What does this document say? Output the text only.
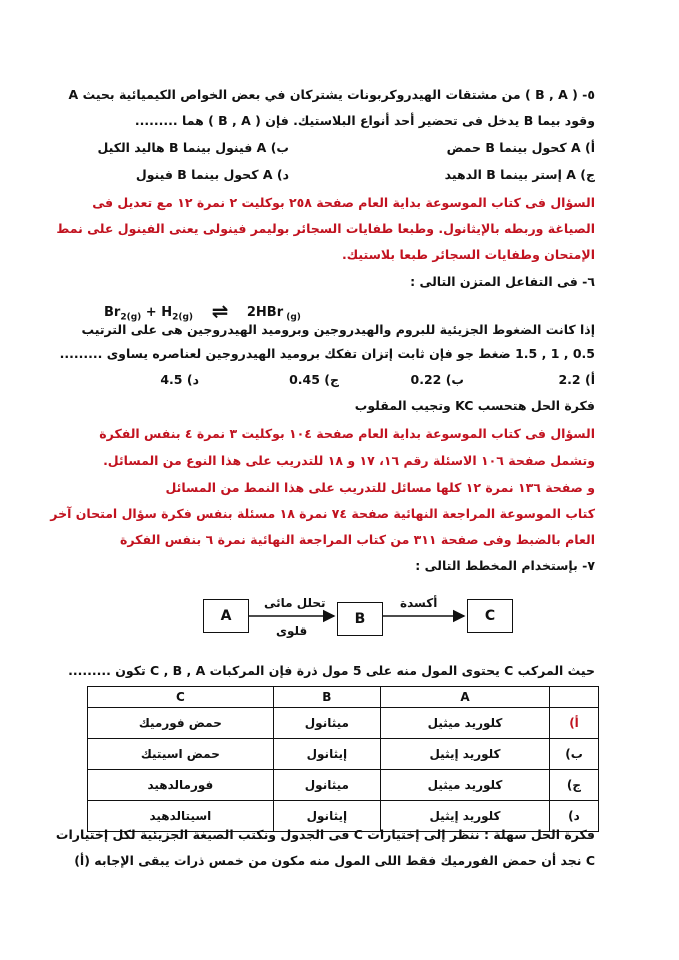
٥- ( B , A ) من مشتقات الهيدروكربونات يشتركان في بعض الخواص الكيميائية بحيث A
وقود بيما B يدخل فى تحضير أحد أنواع البلاستيك. فإن ( B , A ) هما .........
أ) A كحول بينما B حمض
ب) A فينول بينما B هاليد الكيل
ج) A إستر بينما B الدهيد
د) A كحول بينما B فينول
السؤال فى كتاب الموسوعة بداية العام صفحة ٢٥٨ بوكليت ٢ نمرة ١٢ مع تعديل فى
الصياغة وربطه بالإيثانول. وطبعا طفايات السجائر بوليمر فينولى يعنى الفينول على نمط
الإمتحان وطفايات السجائر طبعا بلاستيك.
٦- فى التفاعل المتزن التالى :
$Br_{2(g)} + H_{2(g)}$ ⇌ 2HBr $_{(g)}$
إذا كانت الضغوط الجزيئية للبروم والهيدروجين وبروميد الهيدروجين هى على الترتيب
0.5 , 1 , 1.5 ضغط جو فإن ثابت إتزان تفكك بروميد الهيدروجين لعناصره يساوى .........
أ) 2.2
ب) 0.22
ج) 0.45
د) 4.5
فكرة الحل هتحسب KC وتجيب المقلوب
السؤال فى كتاب الموسوعة بداية العام صفحة ١٠٤ بوكليت ٣ نمرة ٤ بنفس الفكرة
وتشمل صفحة ١٠٦ الاسئلة رقم ١٦، ١٧ و ١٨ للتدريب على هذا النوع من المسائل.
و صفحة ١٣٦ نمرة ١٢ كلها مسائل للتدريب على هذا النمط من المسائل
كتاب الموسوعة المراجعة النهائية صفحة ٧٤ نمرة ١٨ مسئلة بنفس فكرة سؤال امتحان آخر
العام بالضبط وفى صفحة ٣١١ من كتاب المراجعة النهائية نمرة ٦ بنفس الفكرة
٧- بإستخدام المخطط التالى :
A	B	C
تحلل مائى
قلوى
أكسدة
حيث المركب C يحتوى المول منه على 5 مول ذرة فإن المركبات C , B , A تكون .........
	A	B	C
أ)	كلوريد ميثيل	ميثانول	حمض فورميك
ب)	كلوريد إيثيل	إيثانول	حمض اسيتيك
ج)	كلوريد ميثيل	ميثانول	فورمالدهيد
د)	كلوريد إيثيل	إيثانول	اسيتالدهيد
فكرة الحل سهلة : ننظر إلى إختيارات C فى الجدول ونكتب الصيغة الجزيئية لكل إختيارات
C نجد أن حمض الفورميك فقط اللى المول منه مكون من خمس ذرات يبقى الإجابه (أ)
